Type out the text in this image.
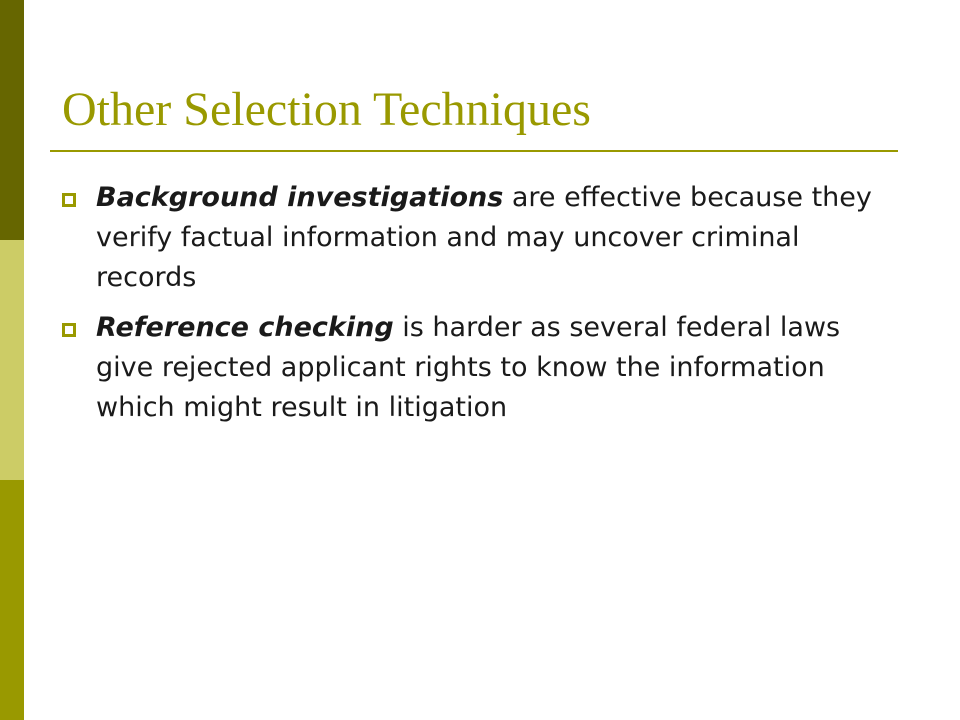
Other Selection Techniques
Background investigations are effective because they verify factual information and may uncover criminal records
Reference checking is harder as several federal laws give rejected applicant rights to know the information which might result in litigation
